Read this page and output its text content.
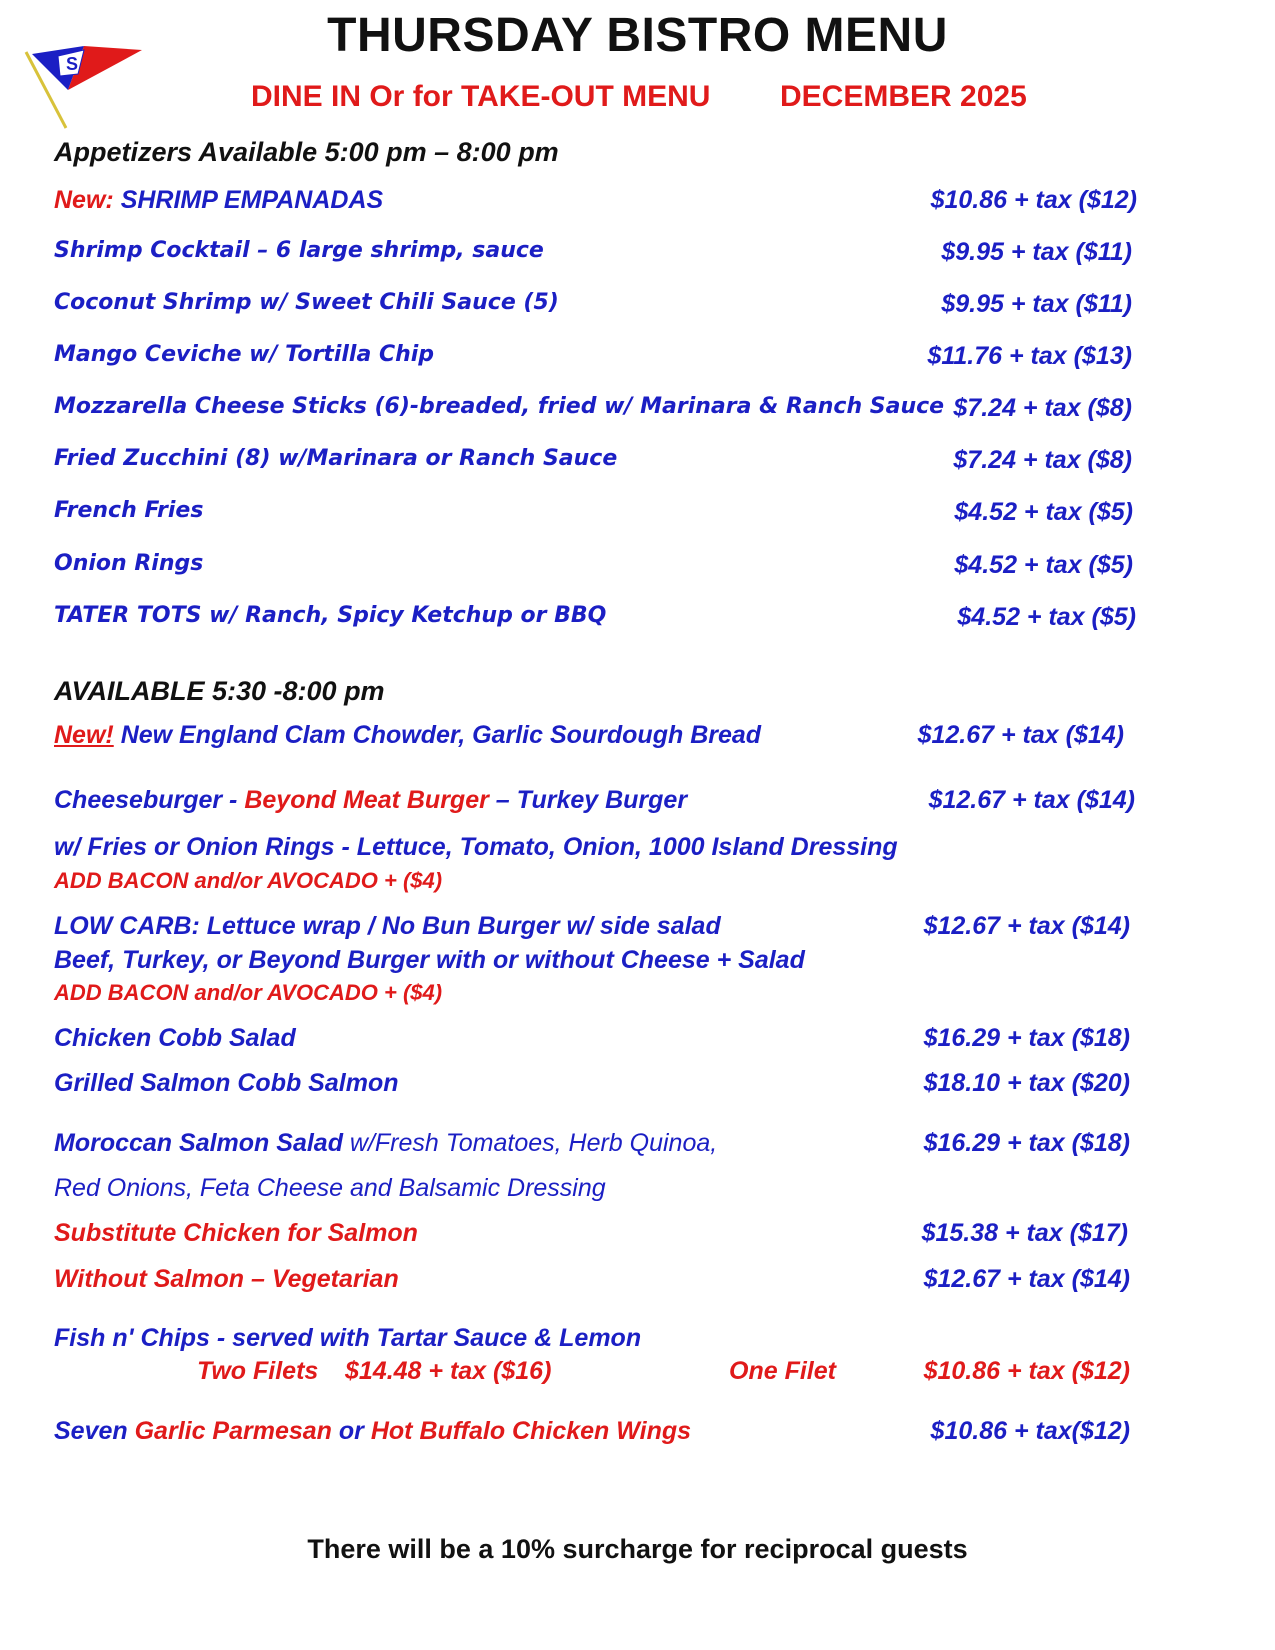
S
THURSDAY BISTRO MENU
DINE IN Or for TAKE-OUT MENU DECEMBER 2025
Appetizers Available 5:00 pm – 8:00 pm
New: SHRIMP EMPANADAS	$10.86 + tax ($12)
Shrimp Cocktail – 6 large shrimp, sauce	$9.95 + tax ($11)
Coconut Shrimp w/ Sweet Chili Sauce (5)	$9.95 + tax ($11)
Mango Ceviche w/ Tortilla Chip	$11.76 + tax ($13)
Mozzarella Cheese Sticks (6)-breaded, fried w/ Marinara & Ranch Sauce $7.24 + tax ($8)
Fried Zucchini (8) w/Marinara or Ranch Sauce	$7.24 + tax ($8)
French Fries	$4.52 + tax ($5)
Onion Rings	$4.52 + tax ($5)
TATER TOTS w/ Ranch, Spicy Ketchup or BBQ	$4.52 + tax ($5)
AVAILABLE 5:30 -8:00 pm
New! New England Clam Chowder, Garlic Sourdough Bread	$12.67 + tax ($14)
Cheeseburger - Beyond Meat Burger – Turkey Burger	$12.67 + tax ($14)
w/ Fries or Onion Rings - Lettuce, Tomato, Onion, 1000 Island Dressing
ADD BACON and/or AVOCADO + ($4)
LOW CARB: Lettuce wrap / No Bun Burger w/ side salad	$12.67 + tax ($14)
Beef, Turkey, or Beyond Burger with or without Cheese + Salad
ADD BACON and/or AVOCADO + ($4)
Chicken Cobb Salad	$16.29 + tax ($18)
Grilled Salmon Cobb Salmon	$18.10 + tax ($20)
Moroccan Salmon Salad w/Fresh Tomatoes, Herb Quinoa,	$16.29 + tax ($18)
Red Onions, Feta Cheese and Balsamic Dressing
Substitute Chicken for Salmon	$15.38 + tax ($17)
Without Salmon – Vegetarian	$12.67 + tax ($14)
Fish n' Chips - served with Tartar Sauce & Lemon
Two Filets $14.48 + tax ($16)	One Filet	$10.86 + tax ($12)
Seven Garlic Parmesan or Hot Buffalo Chicken Wings	$10.86 + tax($12)
There will be a 10% surcharge for reciprocal guests
